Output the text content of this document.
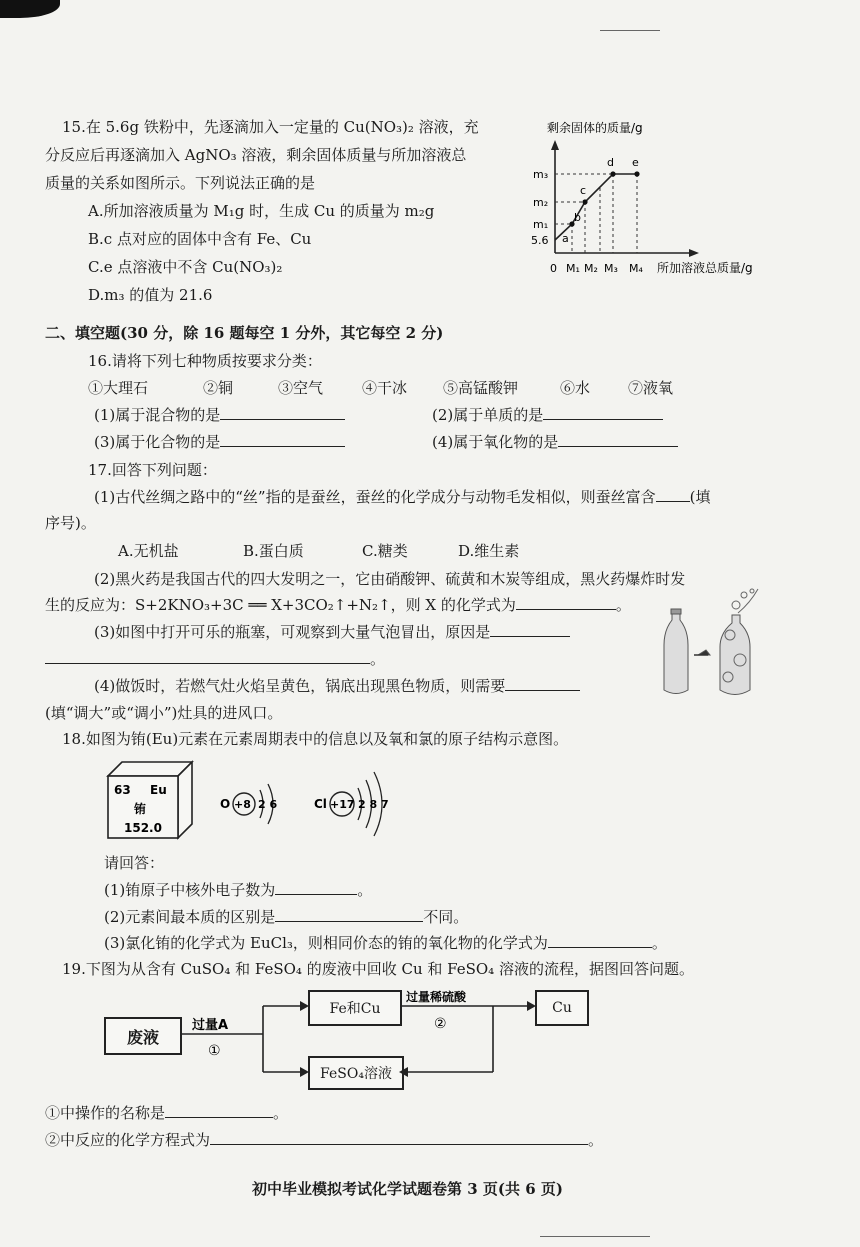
15.在 5.6g 铁粉中，先逐滴加入一定量的 Cu(NO₃)₂ 溶液，充
分反应后再逐滴加入 AgNO₃ 溶液，剩余固体质量与所加溶液总
质量的关系如图所示。下列说法正确的是
A.所加溶液质量为 M₁g 时，生成 Cu 的质量为 m₂g
B.c 点对应的固体中含有 Fe、Cu
C.e 点溶液中不含 Cu(NO₃)₂
D.m₃ 的值为 21.6
剩余固体的质量/g
a
b
c
d e
m₃
m₂
m₁
5.6
0 M₁ M₂ M₃ M₄ 所加溶液总质量/g
二、填空题(30 分，除 16 题每空 1 分外，其它每空 2 分)
16.请将下列七种物质按要求分类：
①大理石	②铜	③空气	④干冰 ⑤高锰酸钾	⑥水	⑦液氧
(1)属于混合物的是	(2)属于单质的是
(3)属于化合物的是	(4)属于氧化物的是
17.回答下列问题：
(1)古代丝绸之路中的“丝”指的是蚕丝，蚕丝的化学成分与动物毛发相似，则蚕丝富含 (填
序号)。
A.无机盐	B.蛋白质	C.糖类	D.维生素
(2)黑火药是我国古代的四大发明之一，它由硝酸钾、硫黄和木炭等组成，黑火药爆炸时发
生的反应为：S+2KNO₃+3C ══ X+3CO₂↑+N₂↑，则 X 的化学式为	。
(3)如图中打开可乐的瓶塞，可观察到大量气泡冒出，原因是
。
(4)做饭时，若燃气灶火焰呈黄色，锅底出现黑色物质，则需要
(填“调大”或“调小”)灶具的进风口。
18.如图为铕(Eu)元素在元素周期表中的信息以及氧和氯的原子结构示意图。
63 Eu
铕
152.0
O +8 2 6	Cl +17 2 8 7
请回答：
(1)铕原子中核外电子数为	。
(2)元素间最本质的区别是	不同。
(3)氯化铕的化学式为 EuCl₃，则相同价态的铕的氧化物的化学式为	。
19.下图为从含有 CuSO₄ 和 FeSO₄ 的废液中回收 Cu 和 FeSO₄ 溶液的流程，据图回答问题。
废液
Fe和Cu	Cu
FeSO₄溶液
过量A
①
过量稀硫酸
②
①中操作的名称是	。
②中反应的化学方程式为	。
初中毕业模拟考试化学试题卷第 3 页(共 6 页)
